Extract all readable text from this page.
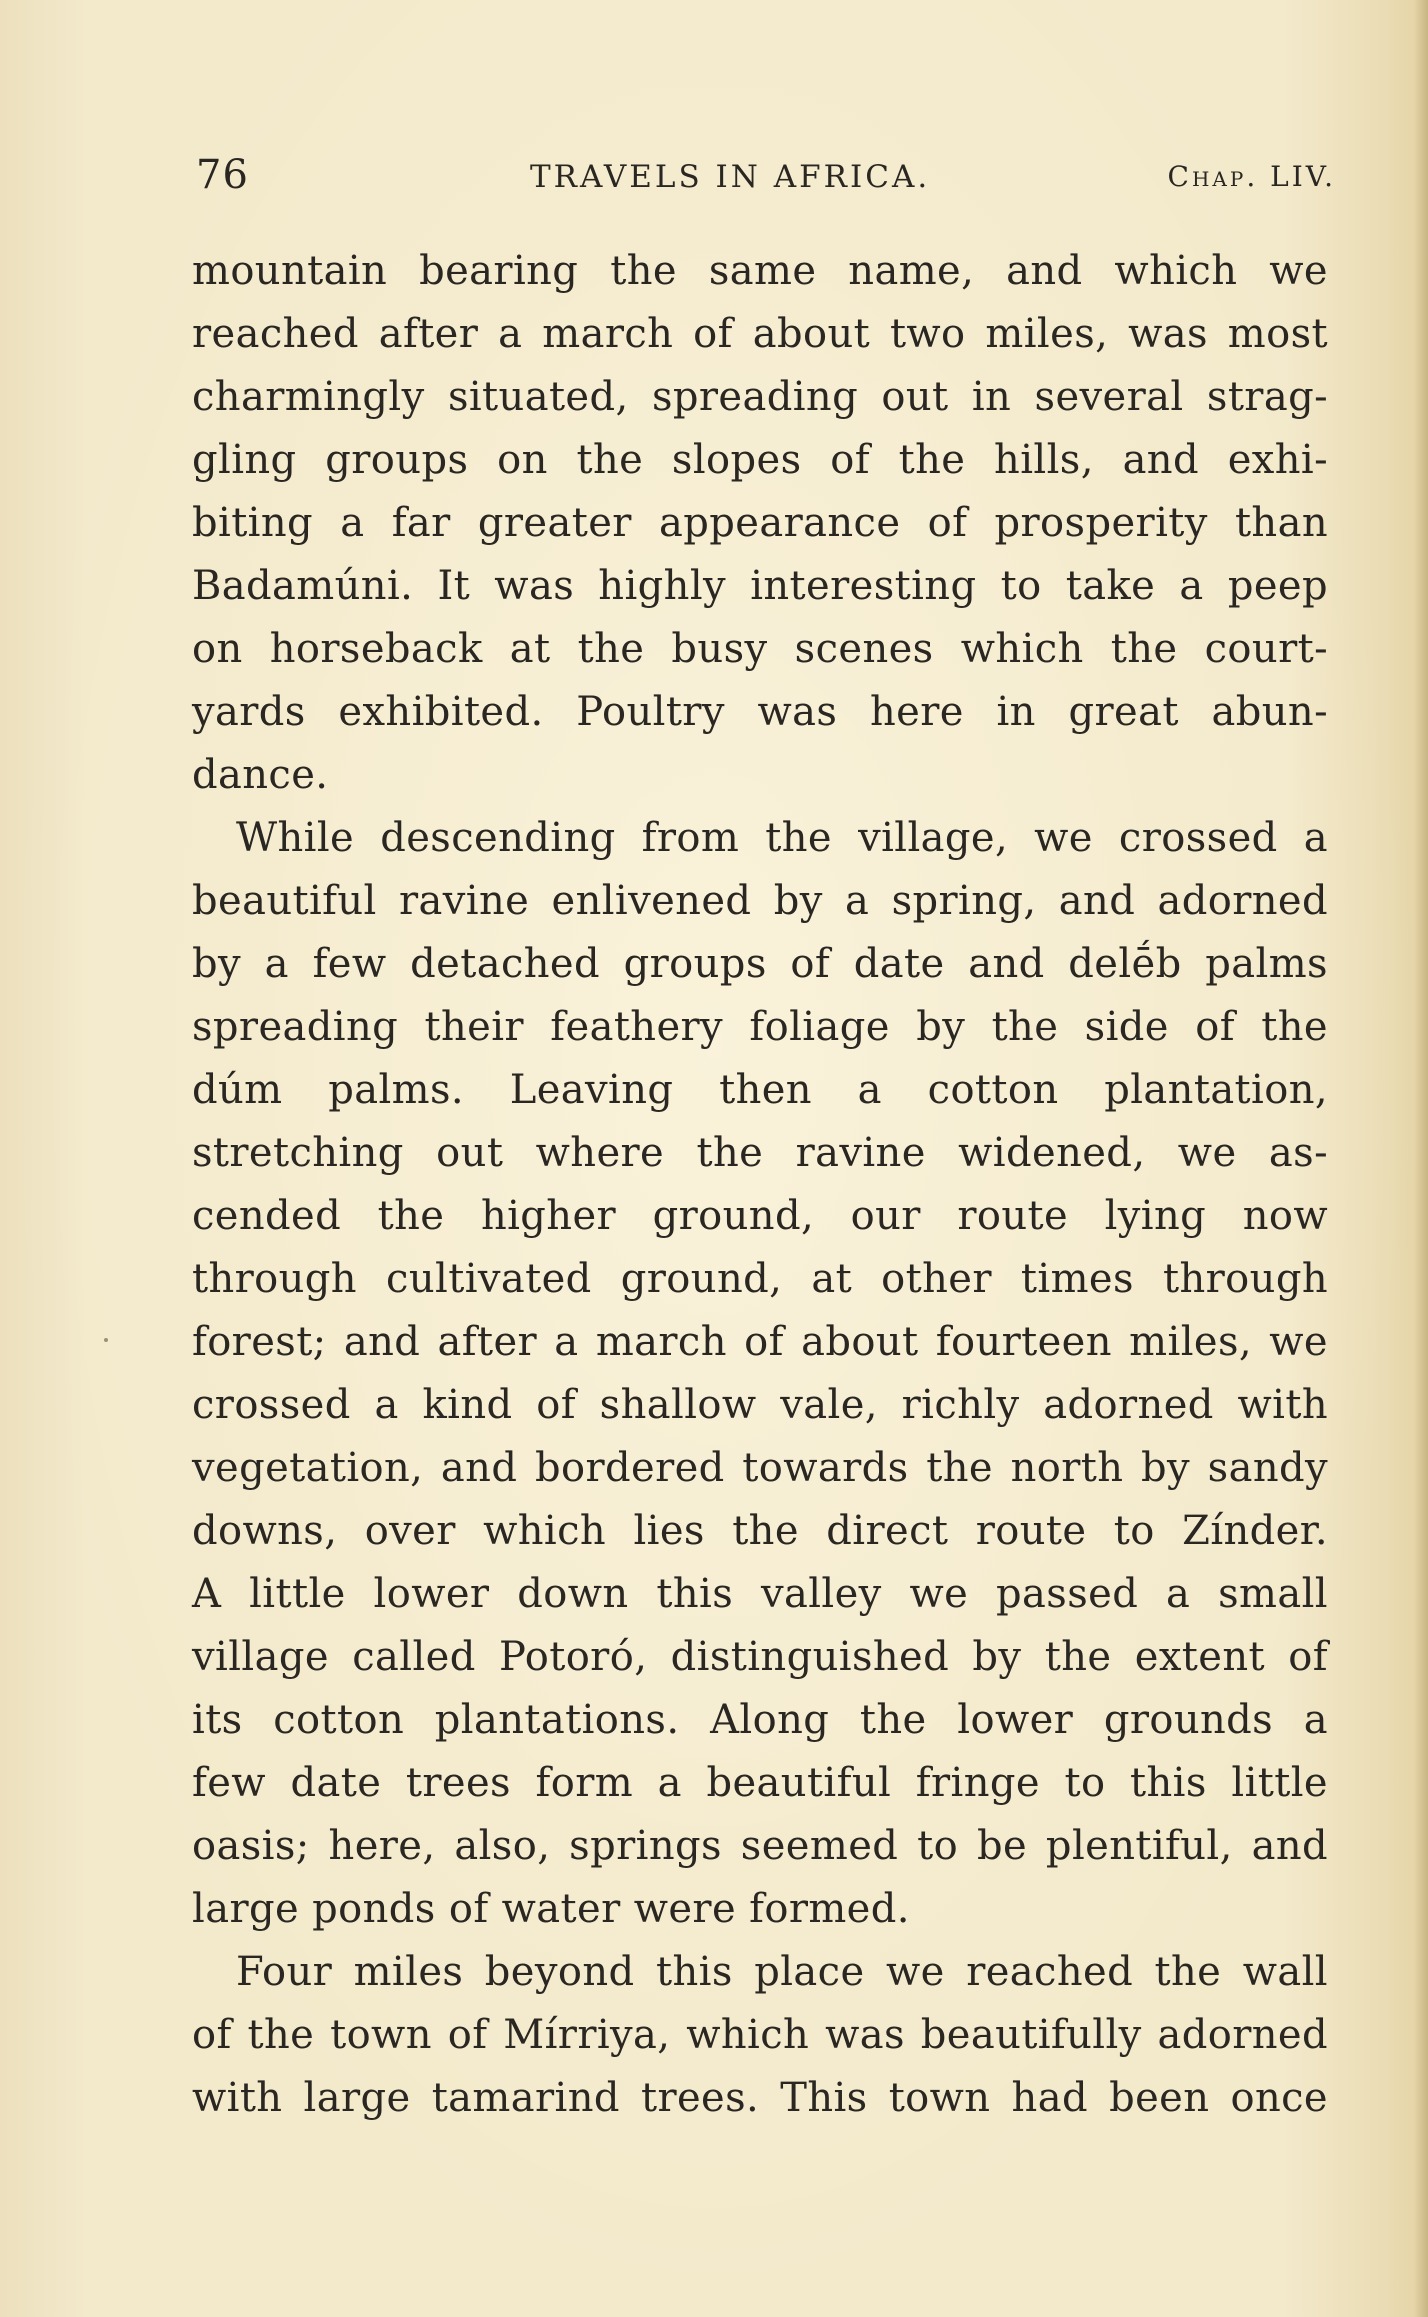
76	TRAVELS IN AFRICA.	Chap. LIV.
mountain bearing the same name, and which we
reached after a march of about two miles, was most
charmingly situated, spreading out in several strag-
gling groups on the slopes of the hills, and exhi-
biting a far greater appearance of prosperity than
Badamúni. It was highly interesting to take a peep
on horseback at the busy scenes which the court-
yards exhibited. Poultry was here in great abun-
dance.
While descending from the village, we crossed a
beautiful ravine enlivened by a spring, and adorned
by a few detached groups of date and delḗb palms
spreading their feathery foliage by the side of the
dúm palms. Leaving then a cotton plantation,
stretching out where the ravine widened, we as-
cended the higher ground, our route lying now
through cultivated ground, at other times through
forest; and after a march of about fourteen miles, we
crossed a kind of shallow vale, richly adorned with
vegetation, and bordered towards the north by sandy
downs, over which lies the direct route to Zínder.
A little lower down this valley we passed a small
village called Potoró, distinguished by the extent of
its cotton plantations. Along the lower grounds a
few date trees form a beautiful fringe to this little
oasis; here, also, springs seemed to be plentiful, and
large ponds of water were formed.
Four miles beyond this place we reached the wall
of the town of Mírriya, which was beautifully adorned
with large tamarind trees. This town had been once
